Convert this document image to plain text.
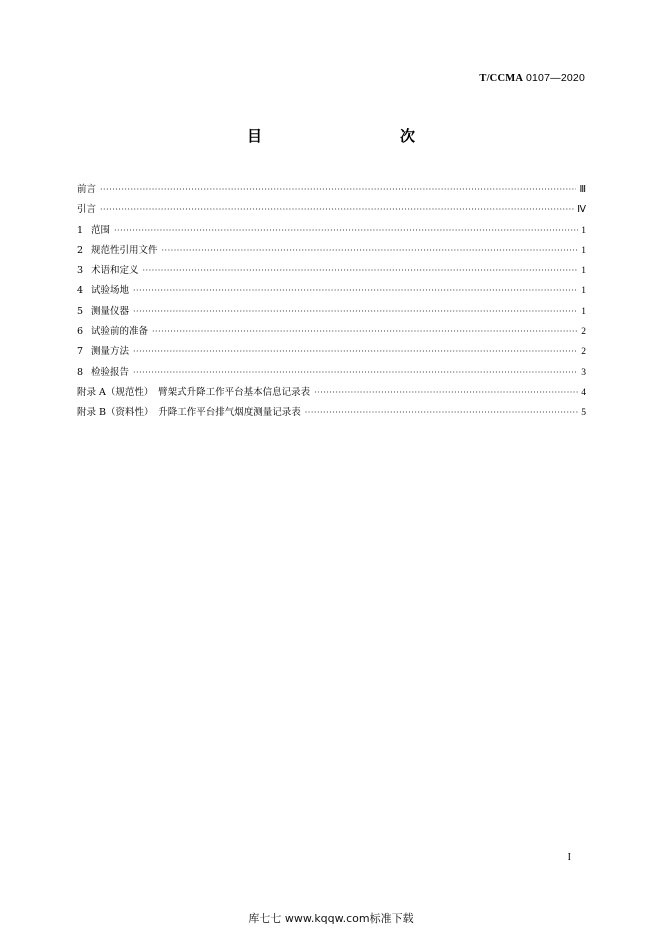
T/CCMA 0107—2020
目　　次
前言 ·····	Ⅲ
引言 ·····	Ⅳ
1 范围 ·····	1
2 规范性引用文件 ·····	1
3 术语和定义 ·····	1
4 试验场地 ·····	1
5 测量仪器 ·····	1
6 试验前的准备 ·····	2
7 测量方法 ·····	2
8 检验报告 ·····	3
附录 A（规范性）　臂架式升降工作平台基本信息记录表 ·····	4
附录 B（资料性）　升降工作平台排气烟度测量记录表 ·····	5
I
库七七 www.kqqw.com标准下载
